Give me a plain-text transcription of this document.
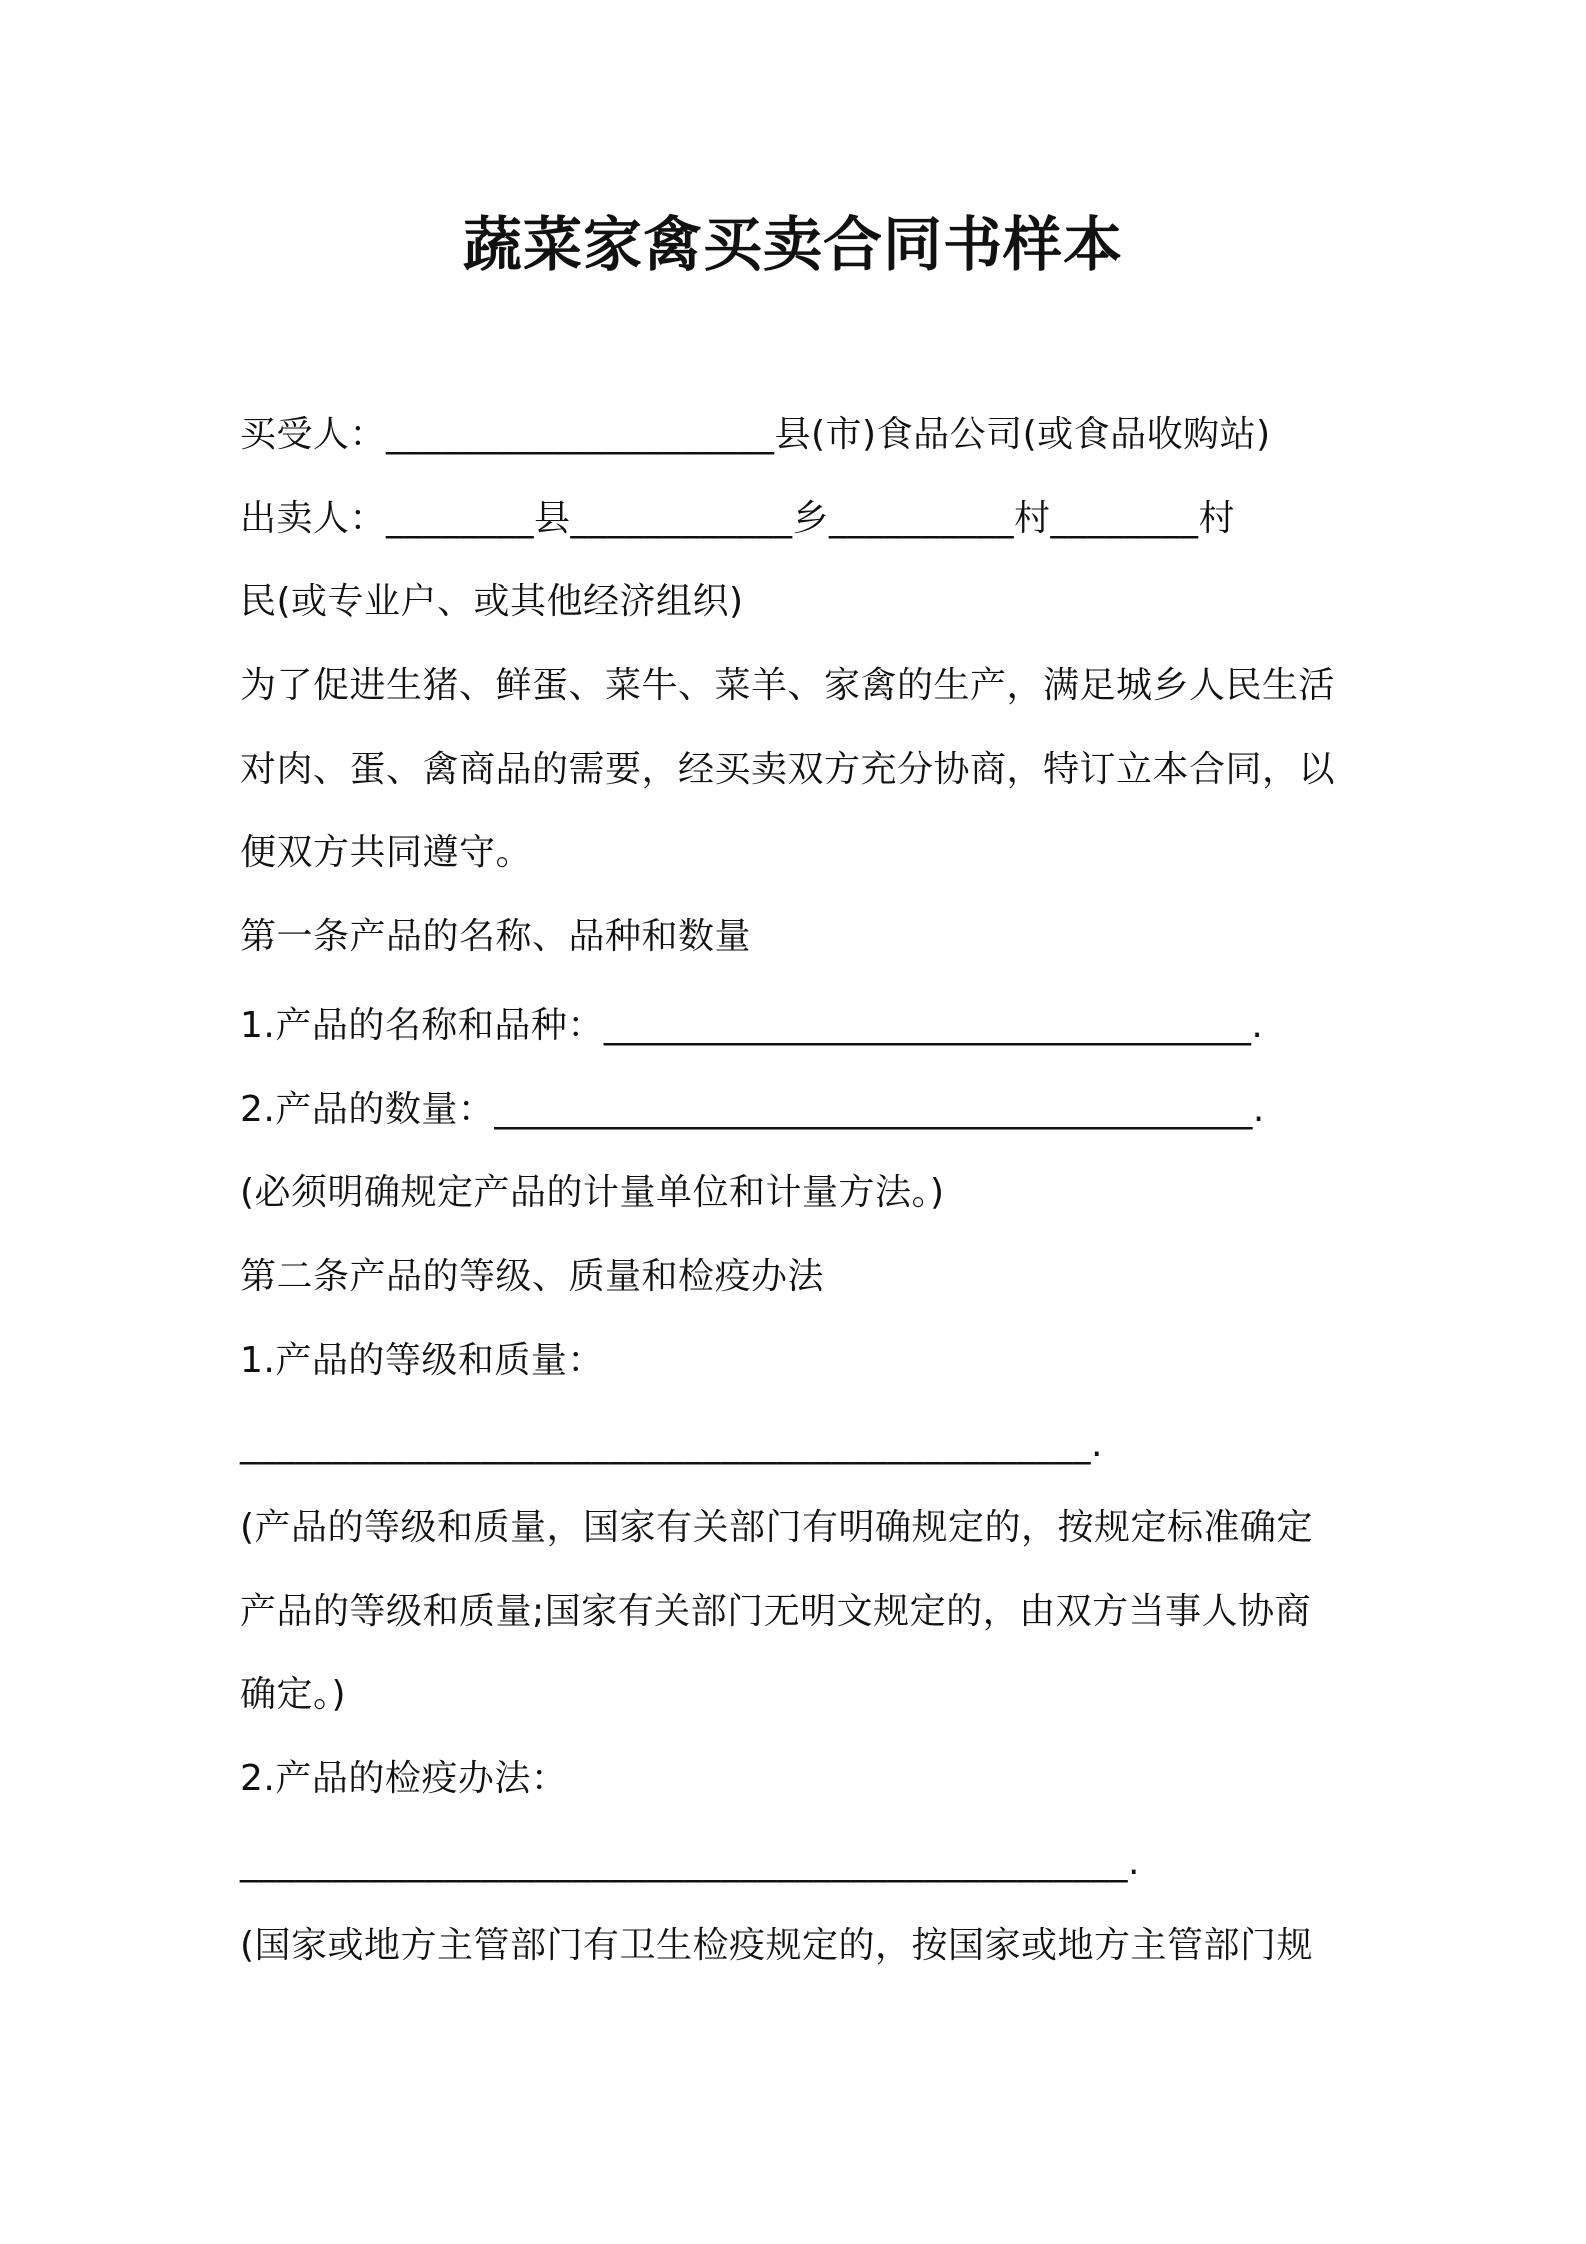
蔬菜家禽买卖合同书样本
买受人：_____________________县(市)食品公司(或食品收购站)
出卖人：________县____________乡__________村________村
民(或专业户、或其他经济组织)
为了促进生猪、鲜蛋、菜牛、菜羊、家禽的生产，满足城乡人民生活
对肉、蛋、禽商品的需要，经买卖双方充分协商，特订立本合同，以
便双方共同遵守。
第一条产品的名称、品种和数量
1.产品的名称和品种：___________________________________.
2.产品的数量：_________________________________________.
(必须明确规定产品的计量单位和计量方法。)
第二条产品的等级、质量和检疫办法
1.产品的等级和质量：
______________________________________________.
(产品的等级和质量，国家有关部门有明确规定的，按规定标准确定
产品的等级和质量;国家有关部门无明文规定的，由双方当事人协商
确定。)
2.产品的检疫办法：
________________________________________________.
(国家或地方主管部门有卫生检疫规定的，按国家或地方主管部门规
